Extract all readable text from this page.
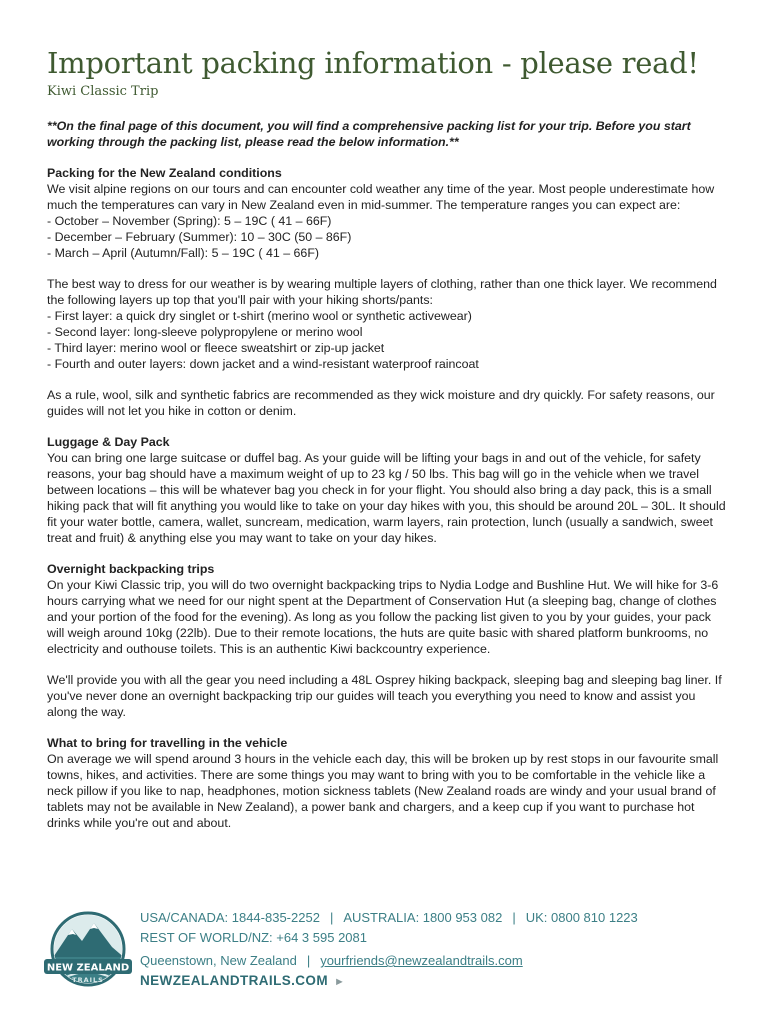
Important packing information - please read!
Kiwi Classic Trip
**On the final page of this document, you will find a comprehensive packing list for your trip. Before you start working through the packing list, please read the below information.**
Packing for the New Zealand conditions

We visit alpine regions on our tours and can encounter cold weather any time of the year. Most people underestimate how much the temperatures can vary in New Zealand even in mid-summer. The temperature ranges you can expect are:

- October – November (Spring): 5 – 19C ( 41 – 66F)
- December – February (Summer): 10 – 30C (50 – 86F)
- March – April (Autumn/Fall): 5 – 19C ( 41 – 66F)

The best way to dress for our weather is by wearing multiple layers of clothing, rather than one thick layer. We recommend the following layers up top that you'll pair with your hiking shorts/pants:

- First layer: a quick dry singlet or t-shirt (merino wool or synthetic activewear)
- Second layer: long-sleeve polypropylene or merino wool
- Third layer: merino wool or fleece sweatshirt or zip-up jacket
- Fourth and outer layers: down jacket and a wind-resistant waterproof raincoat

As a rule, wool, silk and synthetic fabrics are recommended as they wick moisture and dry quickly. For safety reasons, our guides will not let you hike in cotton or denim.

Luggage & Day Pack

You can bring one large suitcase or duffel bag. As your guide will be lifting your bags in and out of the vehicle, for safety reasons, your bag should have a maximum weight of up to 23 kg / 50 lbs. This bag will go in the vehicle when we travel between locations – this will be whatever bag you check in for your flight. You should also bring a day pack, this is a small hiking pack that will fit anything you would like to take on your day hikes with you, this should be around 20L – 30L. It should fit your water bottle, camera, wallet, suncream, medication, warm layers, rain protection, lunch (usually a sandwich, sweet treat and fruit) & anything else you may want to take on your day hikes.

Overnight backpacking trips

On your Kiwi Classic trip, you will do two overnight backpacking trips to Nydia Lodge and Bushline Hut. We will hike for 3-6 hours carrying what we need for our night spent at the Department of Conservation Hut (a sleeping bag, change of clothes and your portion of the food for the evening). As long as you follow the packing list given to you by your guides, your pack will weigh around 10kg (22lb). Due to their remote locations, the huts are quite basic with shared platform bunkrooms, no electricity and outhouse toilets. This is an authentic Kiwi backcountry experience.

We'll provide you with all the gear you need including a 48L Osprey hiking backpack, sleeping bag and sleeping bag liner. If you've never done an overnight backpacking trip our guides will teach you everything you need to know and assist you along the way.

What to bring for travelling in the vehicle

On average we will spend around 3 hours in the vehicle each day, this will be broken up by rest stops in our favourite small towns, hikes, and activities. There are some things you may want to bring with you to be comfortable in the vehicle like a neck pillow if you like to nap, headphones, motion sickness tablets (New Zealand roads are windy and your usual brand of tablets may not be available in New Zealand), a power bank and chargers, and a keep cup if you want to purchase hot drinks while you're out and about.

NEW ZEALAND
TRAILS
USA/CANADA: 1844-835-2252 | AUSTRALIA: 1800 953 082 | UK: 0800 810 1223
REST OF WORLD/NZ: +64 3 595 2081
Queenstown, New Zealand | yourfriends@newzealandtrails.com
NEWZEALANDTRAILS.COM ►
